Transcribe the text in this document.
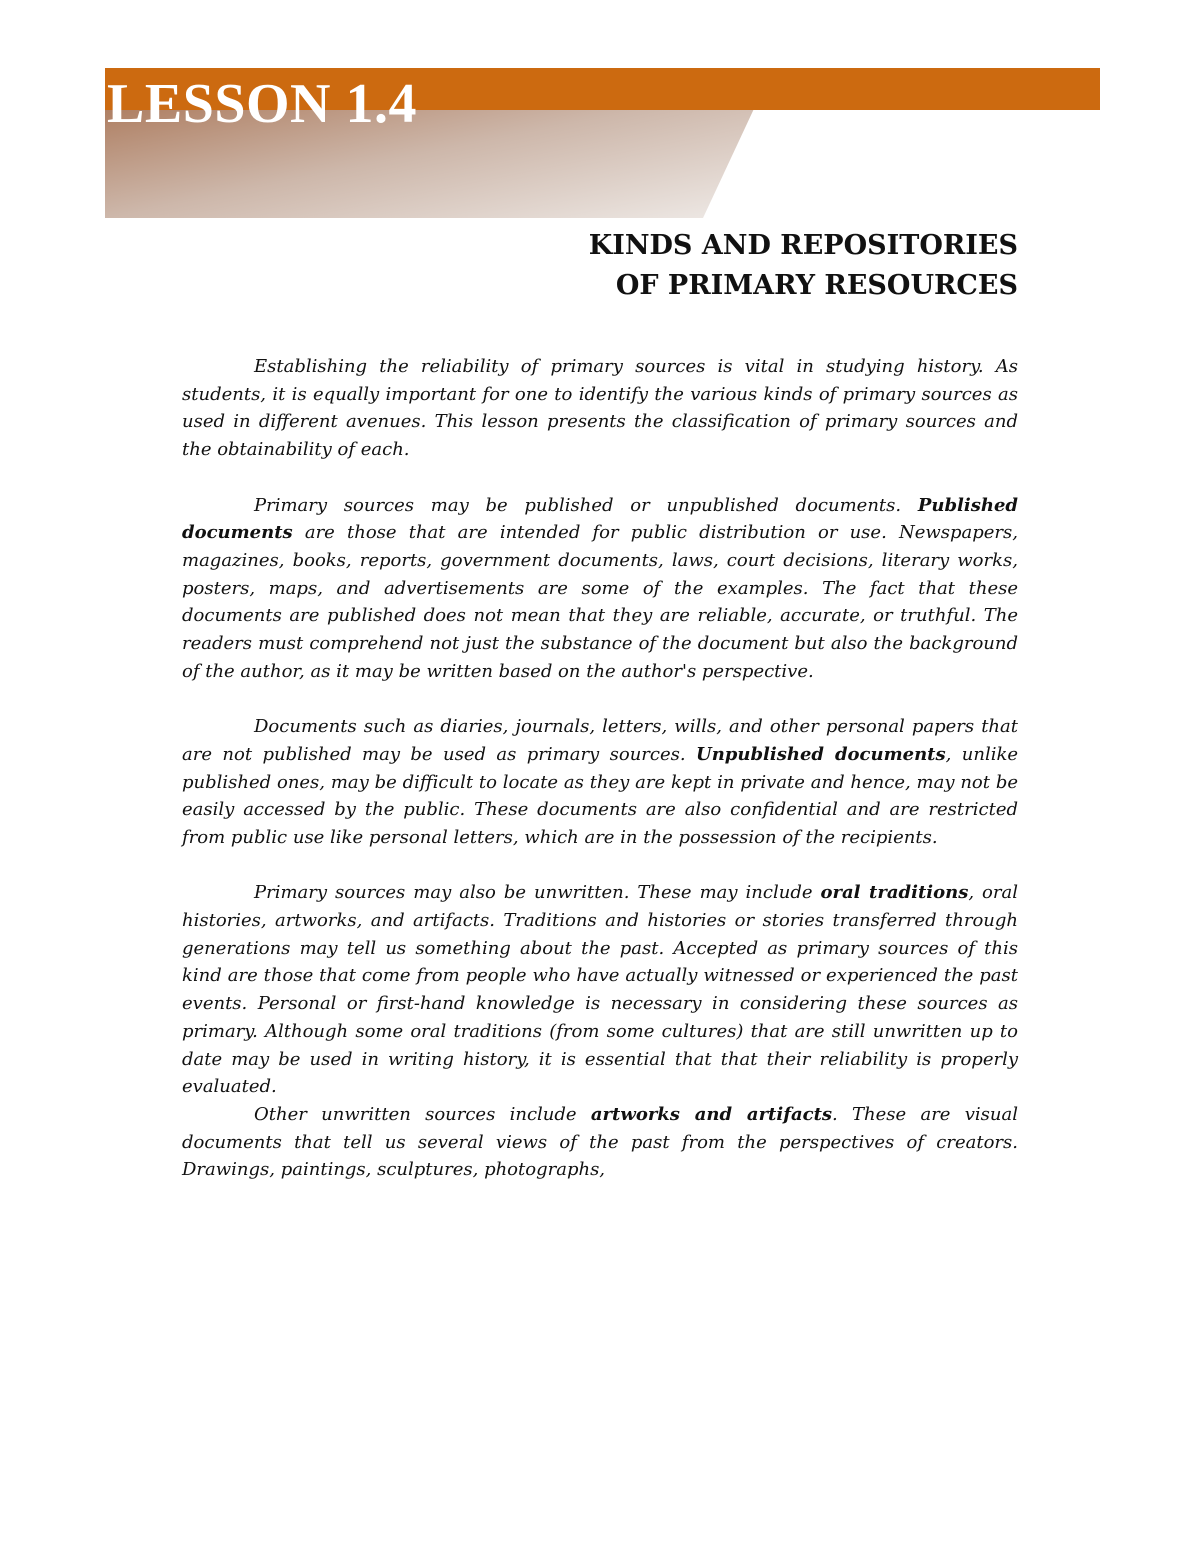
LESSON 1.4
KINDS AND REPOSITORIES
OF PRIMARY RESOURCES

Establishing the reliability of primary sources is vital in studying history. As students, it is equally important for one to identify the various kinds of primary sources as used in different avenues. This lesson presents the classification of primary sources and the obtainability of each.

Primary sources may be published or unpublished documents. Published documents are those that are intended for public distribution or use. Newspapers, magazines, books, reports, government documents, laws, court decisions, literary works, posters, maps, and advertisements are some of the examples. The fact that these documents are published does not mean that they are reliable, accurate, or truthful. The readers must comprehend not just the substance of the document but also the background of the author, as it may be written based on the author's perspective.

Documents such as diaries, journals, letters, wills, and other personal papers that are not published may be used as primary sources. Unpublished documents, unlike published ones, may be difficult to locate as they are kept in private and hence, may not be easily accessed by the public. These documents are also confidential and are restricted from public use like personal letters, which are in the possession of the recipients.

Primary sources may also be unwritten. These may include oral traditions, oral histories, artworks, and artifacts. Traditions and histories or stories transferred through generations may tell us something about the past. Accepted as primary sources of this kind are those that come from people who have actually witnessed or experienced the past events. Personal or first-hand knowledge is necessary in considering these sources as primary. Although some oral traditions (from some cultures) that are still unwritten up to date may be used in writing history, it is essential that that their reliability is properly evaluated.

Other unwritten sources include artworks and artifacts. These are visual documents that tell us several views of the past from the perspectives of creators. Drawings, paintings, sculptures, photographs,
